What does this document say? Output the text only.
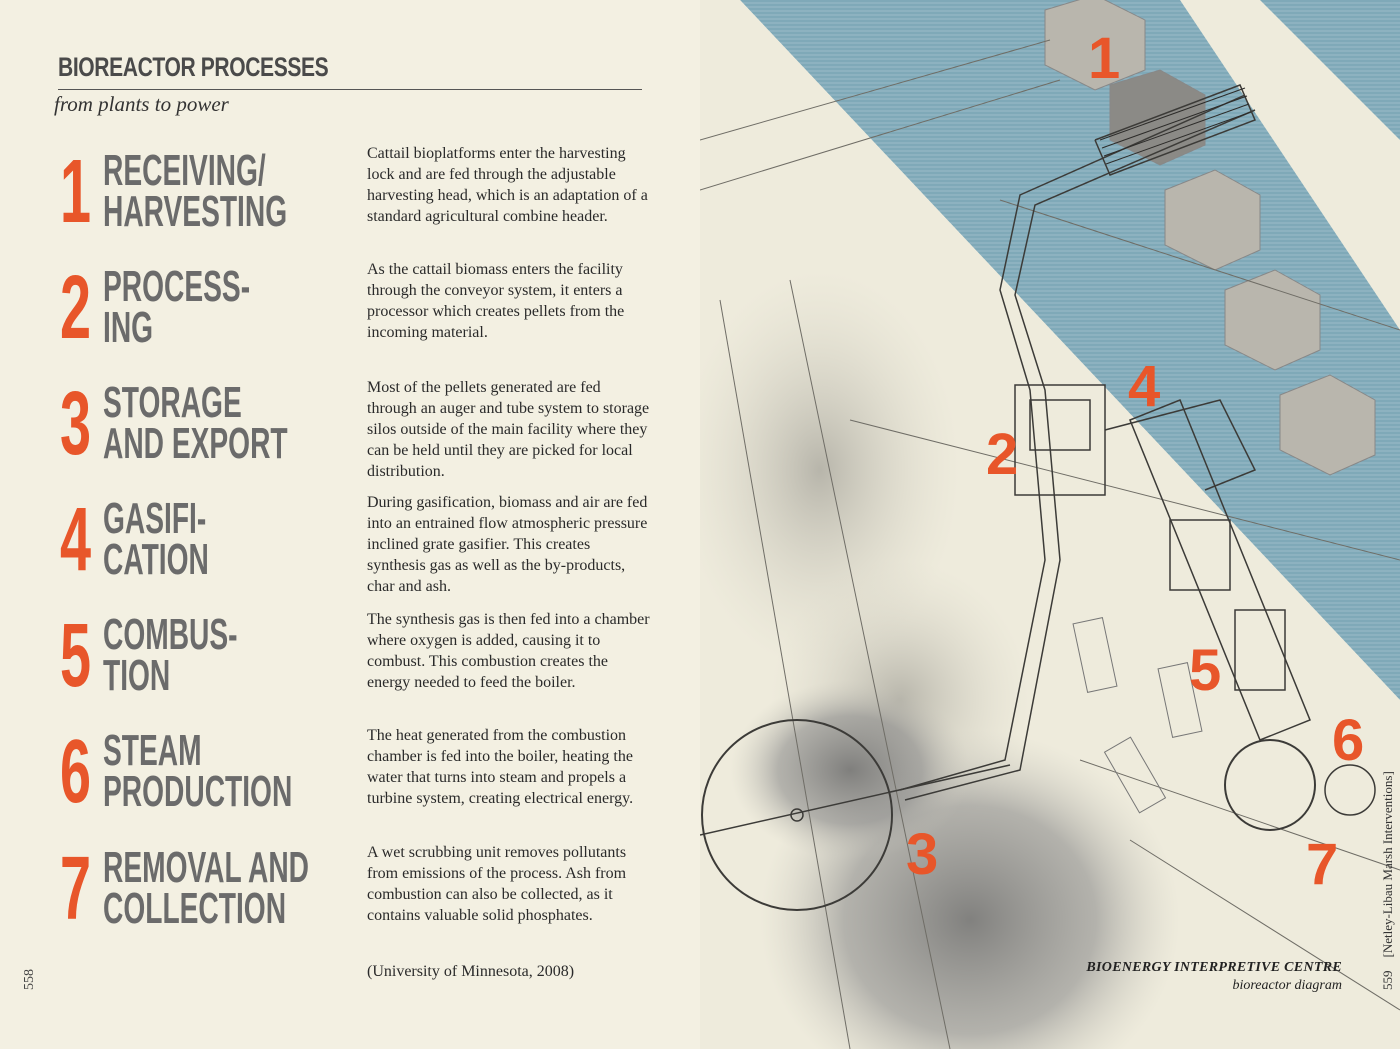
BIOREACTOR PROCESSES
from plants to power
1 RECEIVING/
HARVESTING

Cattail bioplatforms enter the harvesting lock and are fed through the adjustable harvesting head, which is an adaptation of a standard agricultural combine header.

2 PROCESS-
ING

As the cattail biomass enters the facility through the conveyor system, it enters a processor which creates pellets from the incoming material.

3 STORAGE
AND EXPORT

Most of the pellets generated are fed through an auger and tube system to storage silos outside of the main facility where they can be held until they are picked for local distribution.

4 GASIFI-
CATION

During gasification, biomass and air are fed into an entrained flow atmospheric pressure inclined grate gasifier. This creates synthesis gas as well as the by-products, char and ash.

5 COMBUS-
TION

The synthesis gas is then fed into a chamber where oxygen is added, causing it to combust. This combustion creates the energy needed to feed the boiler.

6 STEAM
PRODUCTION

The heat generated from the combustion chamber is fed into the boiler, heating the water that turns into steam and propels a turbine system, creating electrical energy.

7 REMOVAL AND
COLLECTION

A wet scrubbing unit removes pollutants from emissions of the process. Ash from combustion can also be collected, as it contains valuable solid phosphates.

(University of Minnesota, 2008)

558
1
2
3
4
5
6
7
BIOENERGY INTERPRETIVE CENTRE
bioreactor diagram	559    [Netley-Libau Marsh Interventions]
